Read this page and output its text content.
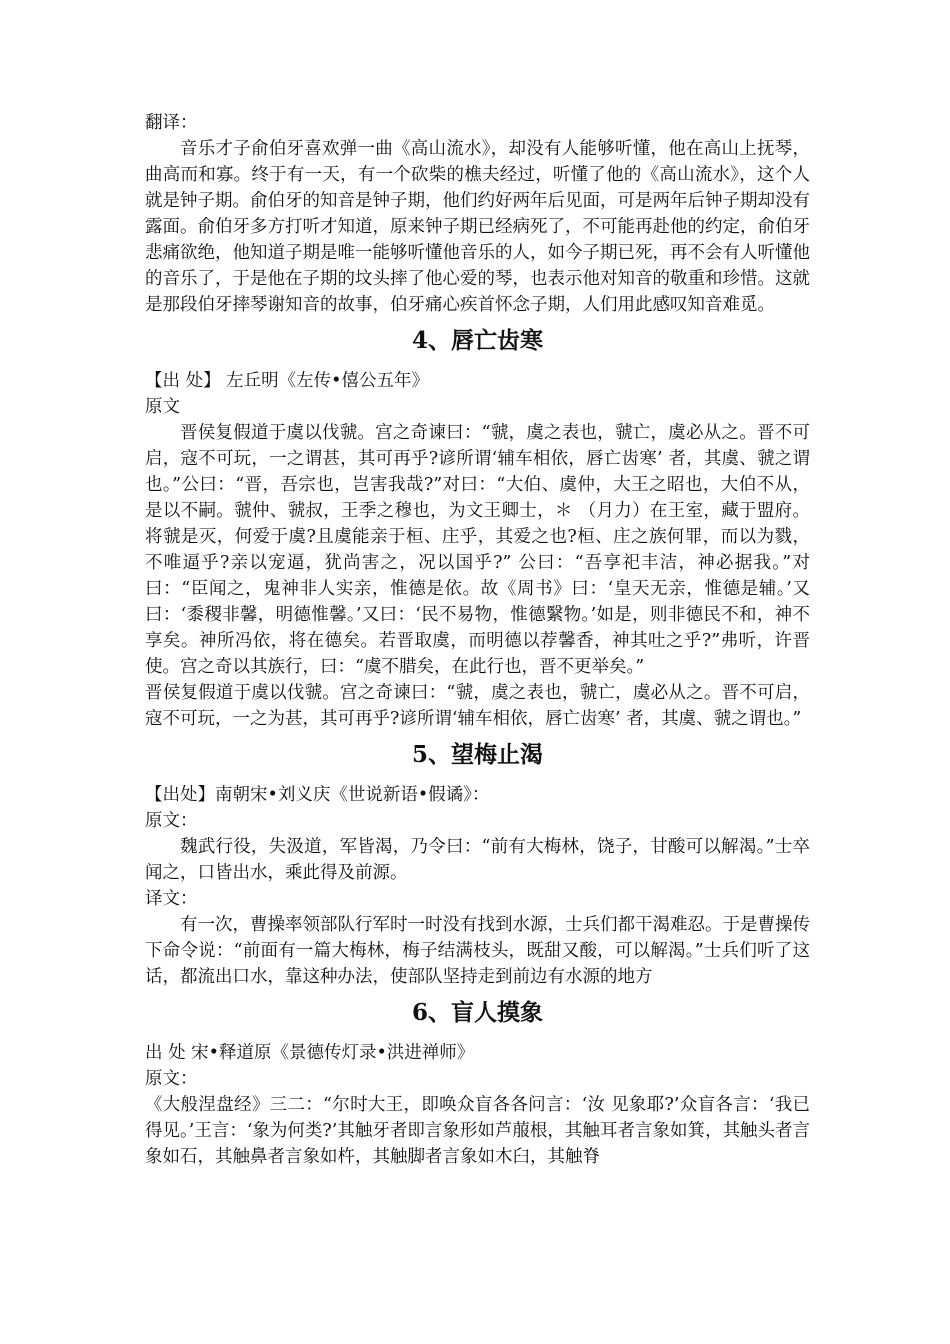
翻译：

音乐才子俞伯牙喜欢弹一曲《高山流水》，却没有人能够听懂，他在高山上抚琴，曲高而和寡。终于有一天，有一个砍柴的樵夫经过，听懂了他的《高山流水》，这个人就是钟子期。俞伯牙的知音是钟子期，他们约好两年后见面，可是两年后钟子期却没有露面。俞伯牙多方打听才知道，原来钟子期已经病死了，不可能再赴他的约定，俞伯牙悲痛欲绝，他知道子期是唯一能够听懂他音乐的人，如今子期已死，再不会有人听懂他的音乐了，于是他在子期的坟头摔了他心爱的琴，也表示他对知音的敬重和珍惜。这就是那段伯牙摔琴谢知音的故事，伯牙痛心疾首怀念子期，人们用此感叹知音难觅。

4、唇亡齿寒

【出 处】 左丘明《左传•僖公五年》

原文

晋侯复假道于虞以伐虢。宫之奇谏曰：“虢，虞之表也，虢亡，虞必从之。晋不可启，寇不可玩，一之谓甚，其可再乎?谚所谓‘辅车相依，唇亡齿寒’ 者，其虞、虢之谓也。”公曰：“晋，吾宗也，岂害我哉?”对曰：“大伯、虞仲，大王之昭也，大伯不从，是以不嗣。虢仲、虢叔，王季之穆也，为文王卿士，＊ （月力）在王室，藏于盟府。将虢是灭，何爱于虞?且虞能亲于桓、庄乎，其爱之也?桓、庄之族何罪，而以为戮，不唯逼乎?亲以宠逼，犹尚害之，况以国乎?” 公曰：“吾享祀丰洁，神必据我。”对曰：“臣闻之，鬼神非人实亲，惟德是依。故《周书》曰：‘皇天无亲，惟德是辅。’又曰：‘黍稷非馨，明德惟馨。’又曰：‘民不易物，惟德繄物。’如是，则非德民不和，神不享矣。神所冯依，将在德矣。若晋取虞，而明德以荐馨香，神其吐之乎?”弗听，许晋使。宫之奇以其族行，曰：“虞不腊矣，在此行也，晋不更举矣。”

晋侯复假道于虞以伐虢。宫之奇谏曰：“虢，虞之表也，虢亡，虞必从之。晋不可启，寇不可玩，一之为甚，其可再乎?谚所谓‘辅车相依，唇亡齿寒’ 者，其虞、虢之谓也。”

5、望梅止渴

【出处】南朝宋•刘义庆《世说新语•假谲》：

原文：

魏武行役，失汲道，军皆渴，乃令曰：“前有大梅林，饶子，甘酸可以解渴。”士卒闻之，口皆出水，乘此得及前源。

译文：

有一次，曹操率领部队行军时一时没有找到水源，士兵们都干渴难忍。于是曹操传下命令说：“前面有一篇大梅林，梅子结满枝头，既甜又酸，可以解渴。”士兵们听了这话，都流出口水，靠这种办法，使部队坚持走到前边有水源的地方

6、盲人摸象

出 处 宋•释道原《景德传灯录•洪进禅师》

原文：

《大般涅盘经》三二：“尔时大王，即唤众盲各各问言：‘汝 见象耶?’众盲各言：‘我已得见。’王言：‘象为何类?’其触牙者即言象形如芦菔根，其触耳者言象如箕，其触头者言象如石，其触鼻者言象如杵，其触脚者言象如木臼，其触脊
